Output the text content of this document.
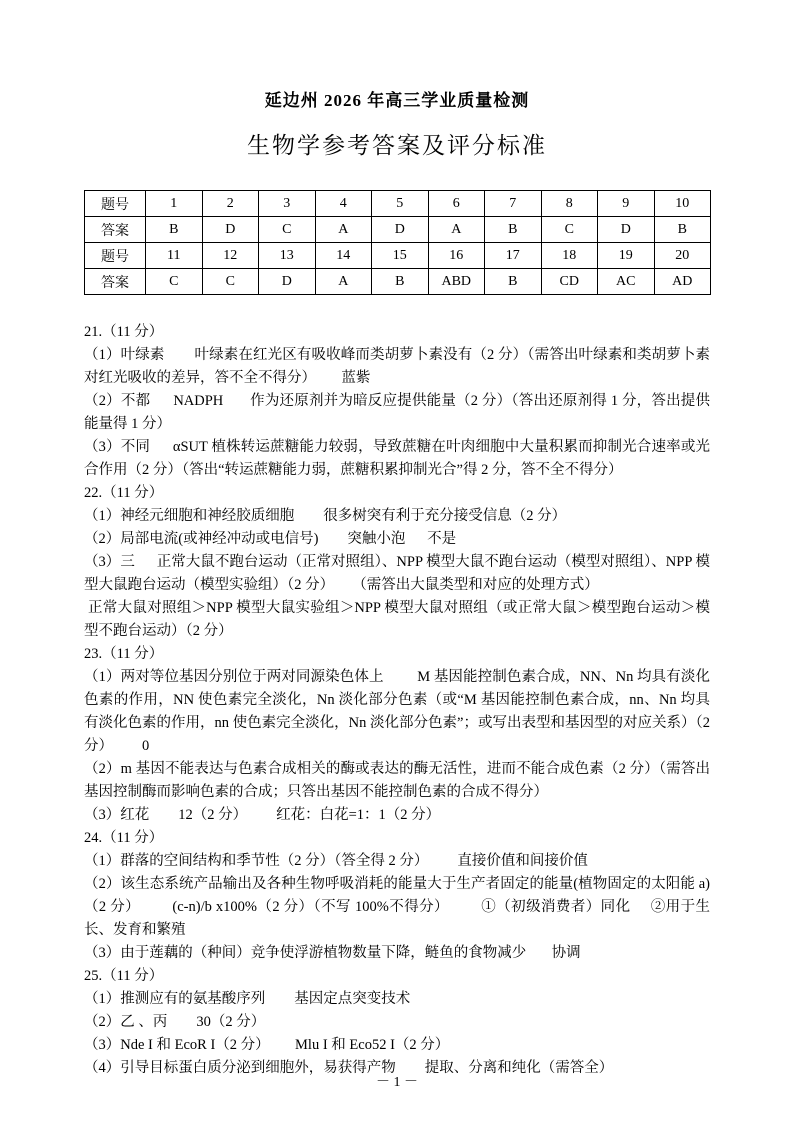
延边州 2026 年高三学业质量检测
生物学参考答案及评分标准
题号	1	2	3	4	5	6	7	8	9	10
答案	B	D	C	A	D	A	B	C	D	B
题号	11	12	13	14	15	16	17	18	19	20
答案	C	C	D	A	B	ABD	B	CD	AC	AD

21.（11 分）

（1）叶绿素        叶绿素在红光区有吸收峰而类胡萝卜素没有（2 分）（需答出叶绿素和类胡萝卜素对红光吸收的差异，答不全不得分）       蓝紫

（2）不都      NADPH       作为还原剂并为暗反应提供能量（2 分）（答出还原剂得 1 分，答出提供能量得 1 分）

（3）不同      αSUT 植株转运蔗糖能力较弱，导致蔗糖在叶肉细胞中大量积累而抑制光合速率或光合作用（2 分）（答出“转运蔗糖能力弱，蔗糖积累抑制光合”得 2 分，答不全不得分）

22.（11 分）

（1）神经元细胞和神经胶质细胞        很多树突有利于充分接受信息（2 分）

（2）局部电流(或神经冲动或电信号)        突触小泡      不是

（3）三      正常大鼠不跑台运动（正常对照组）、NPP 模型大鼠不跑台运动（模型对照组）、NPP 模型大鼠跑台运动（模型实验组）（2 分）     （需答出大鼠类型和对应的处理方式）

正常大鼠对照组＞NPP 模型大鼠实验组＞NPP 模型大鼠对照组（或正常大鼠＞模型跑台运动＞模型不跑台运动）（2 分）

23.（11 分）

（1）两对等位基因分别位于两对同源染色体上         M 基因能控制色素合成，NN、Nn 均具有淡化色素的作用，NN 使色素完全淡化，Nn 淡化部分色素（或“M 基因能控制色素合成，nn、Nn 均具有淡化色素的作用，nn 使色素完全淡化，Nn 淡化部分色素”；或写出表型和基因型的对应关系）（2 分）        0

（2）m 基因不能表达与色素合成相关的酶或表达的酶无活性，进而不能合成色素（2 分）（需答出基因控制酶而影响色素的合成；只答出基因不能控制色素的合成不得分）

（3）红花        12（2 分）        红花：白花=1：1（2 分）

24.（11 分）

（1）群落的空间结构和季节性（2 分）（答全得 2 分）        直接价值和间接价值

（2）该生态系统产品输出及各种生物呼吸消耗的能量大于生产者固定的能量(植物固定的太阳能 a)   （2 分）        (c-n)/b x100%（2 分）（不写 100%不得分）        ①（初级消费者）同化     ②用于生长、发育和繁殖

（3）由于莲藕的（种间）竞争使浮游植物数量下降，鲢鱼的食物减少       协调

25.（11 分）

（1）推测应有的氨基酸序列        基因定点突变技术

（2）乙 、丙        30（2 分）

（3）Nde I 和 EcoR I（2 分）       Mlu I 和 Eco52 I（2 分）

（4）引导目标蛋白质分泌到细胞外，易获得产物        提取、分离和纯化（需答全）

－ 1 －
